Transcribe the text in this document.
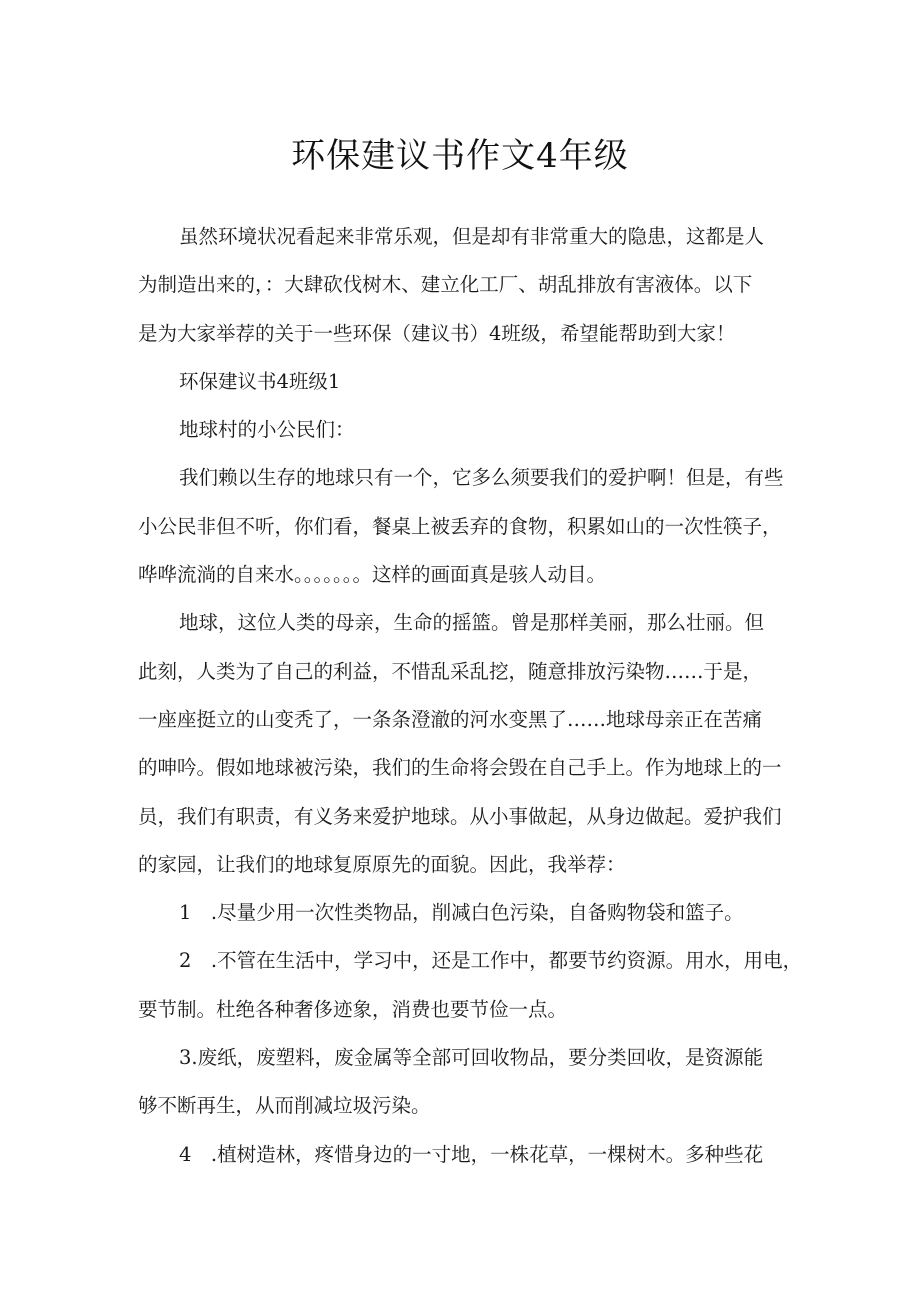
环保建议书作文4年级
虽然环境状况看起来非常乐观，但是却有非常重大的隐患，这都是人
为制造出来的，：大肆砍伐树木、建立化工厂、胡乱排放有害液体。以下
是为大家举荐的关于一些环保（建议书）4班级，希望能帮助到大家！
环保建议书4班级1
地球村的小公民们：
我们赖以生存的地球只有一个，它多么须要我们的爱护啊！但是，有些
小公民非但不听，你们看，餐桌上被丢弃的食物，积累如山的一次性筷子，
哗哗流淌的自来水。。。。。。。这样的画面真是骇人动目。
地球，这位人类的母亲，生命的摇篮。曾是那样美丽，那么壮丽。但
此刻，人类为了自己的利益，不惜乱采乱挖，随意排放污染物……于是，
一座座挺立的山变秃了，一条条澄澈的河水变黑了……地球母亲正在苦痛
的呻吟。假如地球被污染，我们的生命将会毁在自己手上。作为地球上的一
员，我们有职责，有义务来爱护地球。从小事做起，从身边做起。爱护我们
的家园，让我们的地球复原原先的面貌。因此，我举荐：
1　.尽量少用一次性类物品，削减白色污染，自备购物袋和篮子。
2　.不管在生活中，学习中，还是工作中，都要节约资源。用水，用电，
要节制。杜绝各种奢侈迹象，消费也要节俭一点。
3.废纸，废塑料，废金属等全部可回收物品，要分类回收，是资源能
够不断再生，从而削减垃圾污染。
4　.植树造林，疼惜身边的一寸地，一株花草，一棵树木。多种些花
